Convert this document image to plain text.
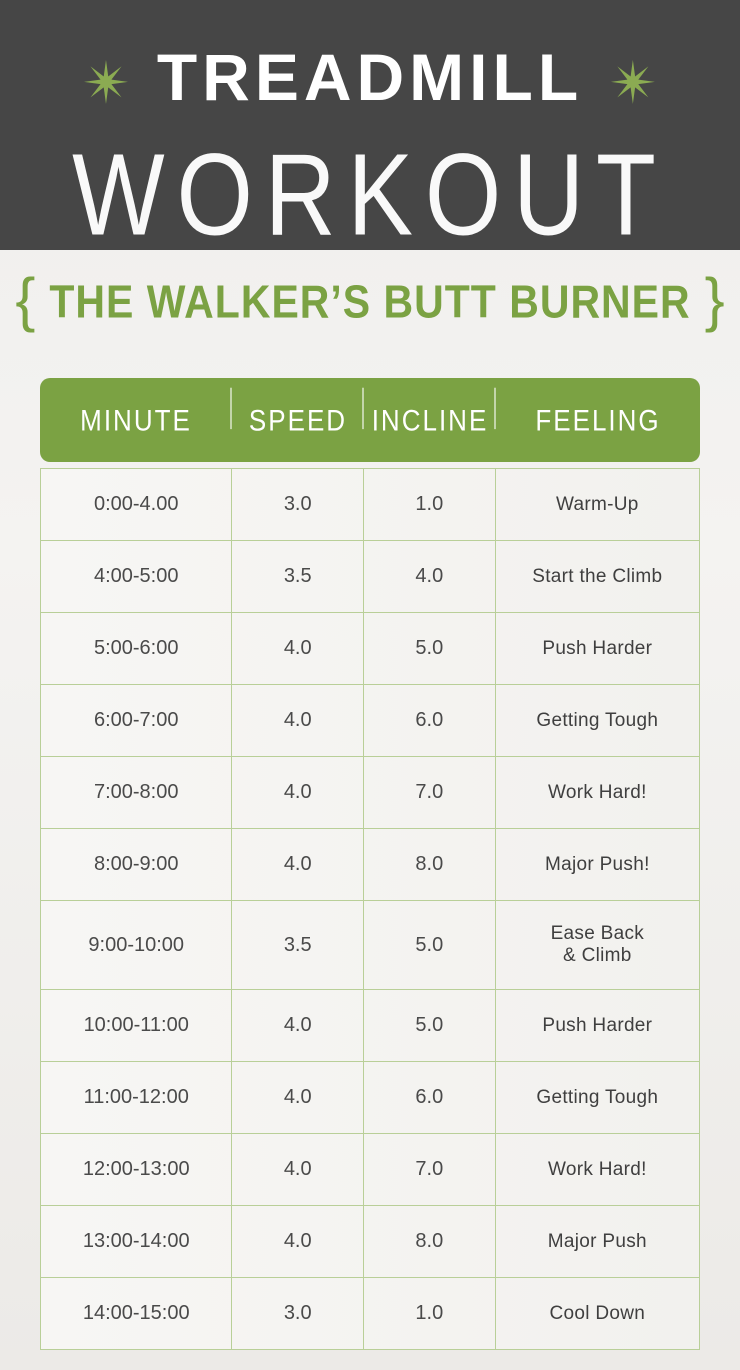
✴ TREADMILL ✴
WORKOUT
{ THE WALKER’S BUTT BURNER }
MINUTE	SPEED INCLINE	FEELING
0:00-4.00	3.0	1.0	Warm-Up
4:00-5:00	3.5	4.0	Start the Climb
5:00-6:00	4.0	5.0	Push Harder
6:00-7:00	4.0	6.0	Getting Tough
7:00-8:00	4.0	7.0	Work Hard!
8:00-9:00	4.0	8.0	Major Push!
9:00-10:00	3.5	5.0	Ease Back
& Climb
10:00-11:00	4.0	5.0	Push Harder
11:00-12:00	4.0	6.0	Getting Tough
12:00-13:00	4.0	7.0	Work Hard!
13:00-14:00	4.0	8.0	Major Push
14:00-15:00	3.0	1.0	Cool Down
